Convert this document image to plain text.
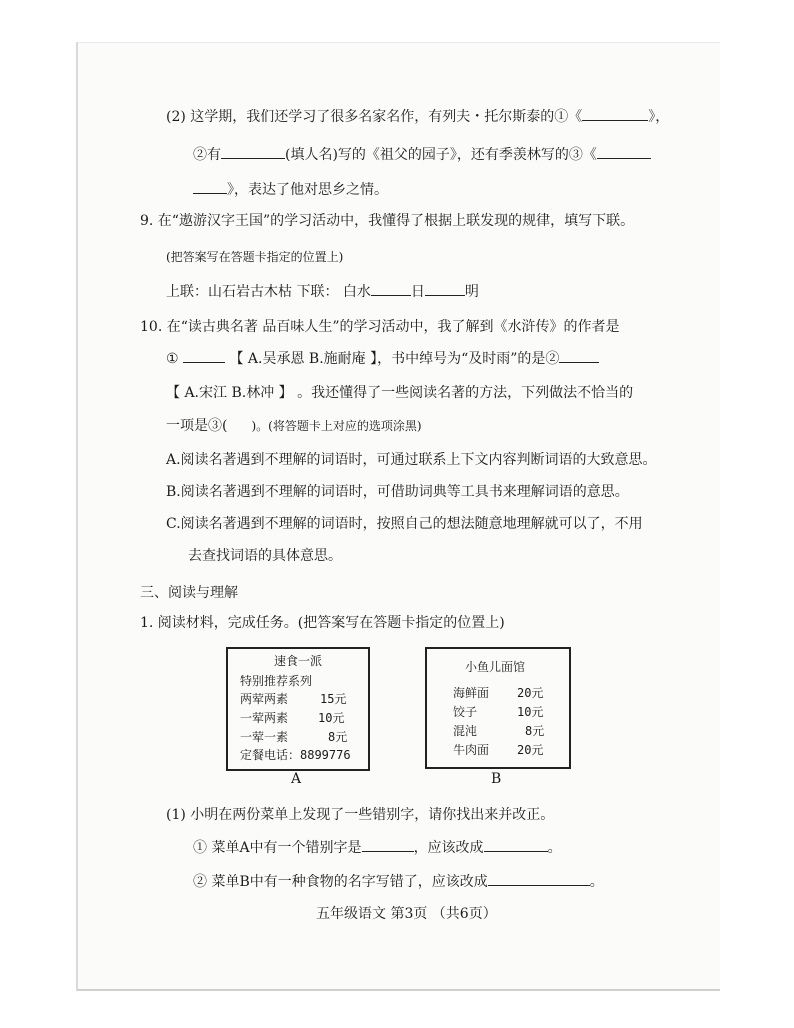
(2) 这学期，我们还学习了很多名家名作，有列夫・托尔斯泰的①《	》，
②有	(填人名)写的《祖父的园子》，还有季羡林写的③《
》，表达了他对思乡之情。
9. 在“遨游汉字王国”的学习活动中，我懂得了根据上联发现的规律，填写下联。
(把答案写在答题卡指定的位置上)
上联：山石岩古木枯 下联： 白水	日	明
10. 在“读古典名著 品百味人生”的学习活动中，我了解到《水浒传》的作者是
①	【 A.吴承恩 B.施耐庵 】，书中绰号为“及时雨”的是②
【 A.宋江 B.林冲 】 。我还懂得了一些阅读名著的方法，下列做法不恰当的
一项是③( )。(将答题卡上对应的选项涂黑)
A.阅读名著遇到不理解的词语时，可通过联系上下文内容判断词语的大致意思。
B.阅读名著遇到不理解的词语时，可借助词典等工具书来理解词语的意思。
C.阅读名著遇到不理解的词语时，按照自己的想法随意地理解就可以了，不用
去查找词语的具体意思。
三、阅读与理解
1. 阅读材料，完成任务。(把答案写在答题卡指定的位置上)
速食一派
特别推荐系列
两荤两素	15元
一荤两素 10元
一荤一素	8元
定餐电话：8899776
A
小鱼儿面馆
海鲜面 20元
饺子	10元
混沌	8元
牛肉面 20元
B
(1) 小明在两份菜单上发现了一些错别字，请你找出来并改正。
① 菜单A中有一个错别字是	，应该改成	。
② 菜单B中有一种食物的名字写错了，应该改成	。
五年级语文 第3页 （共6页）
